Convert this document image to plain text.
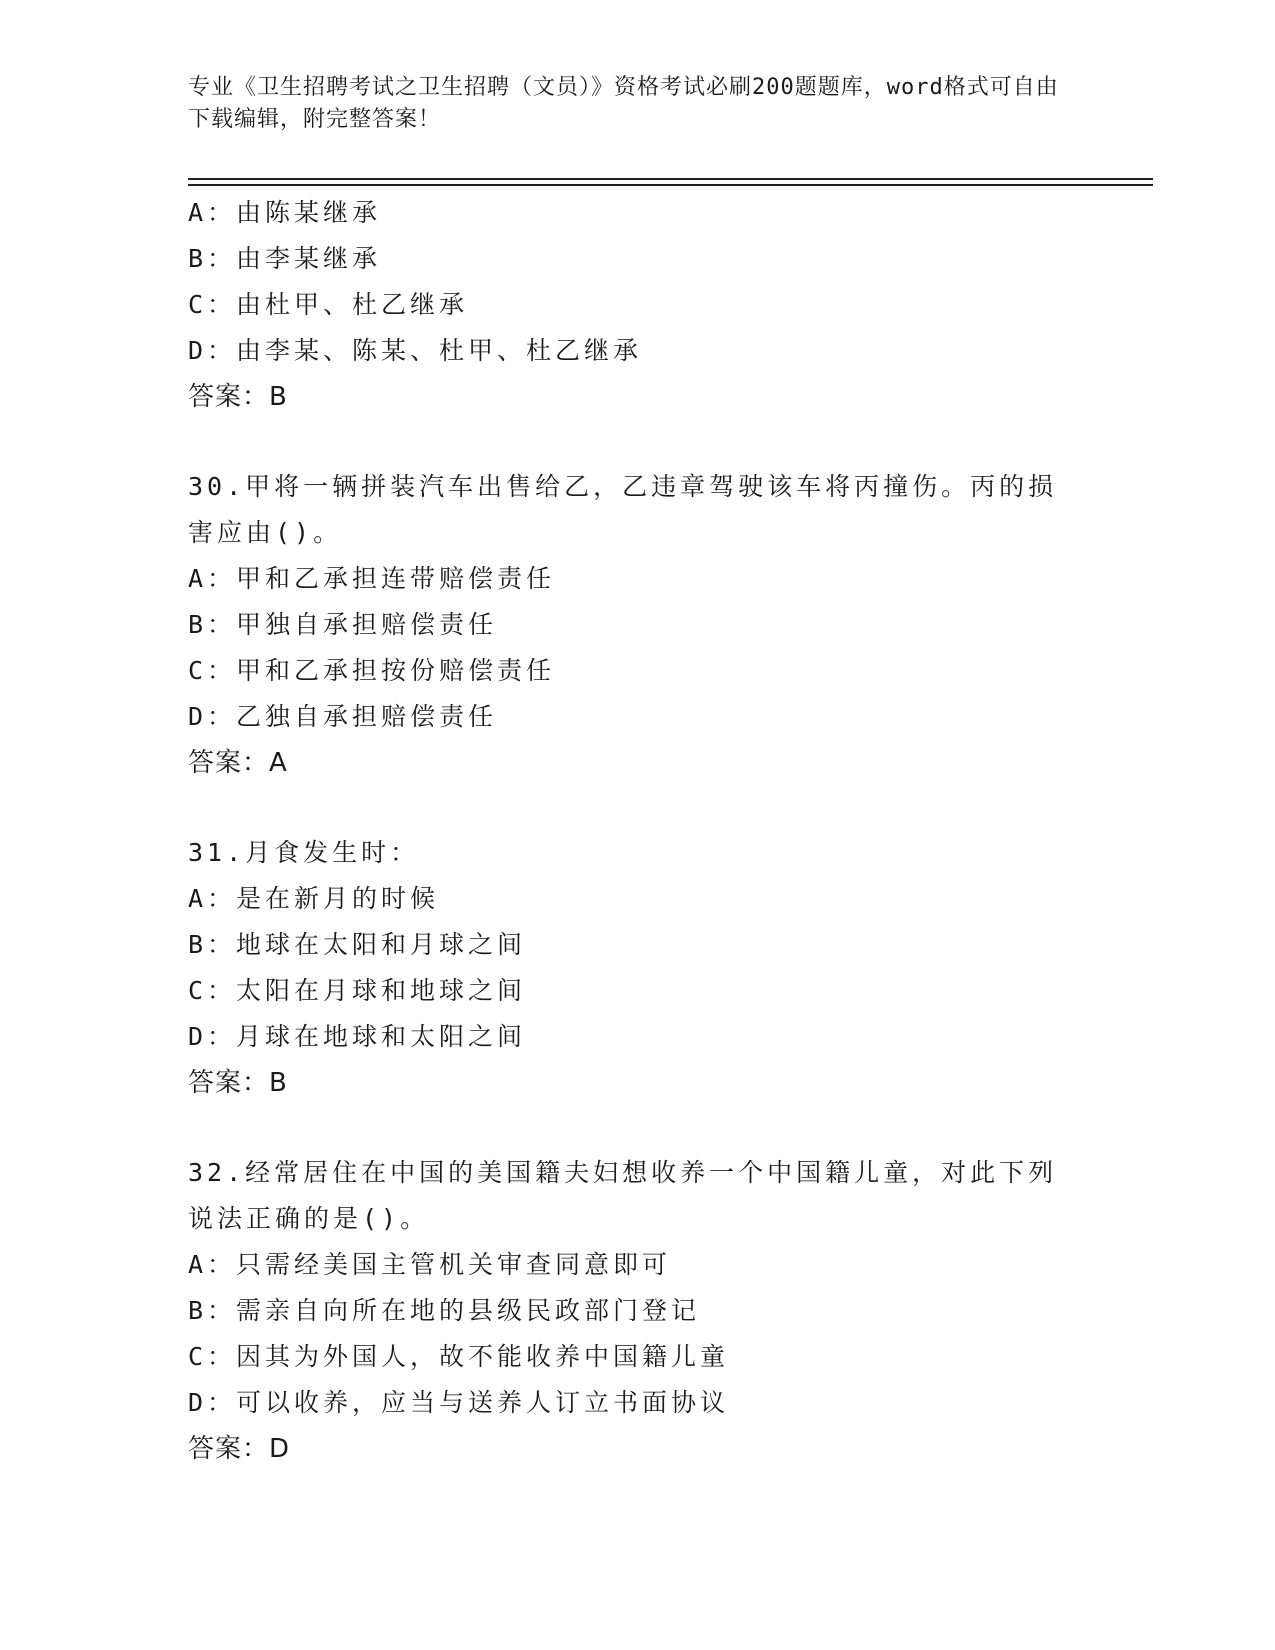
专业《卫生招聘考试之卫生招聘（文员）》资格考试必刷200题题库，word格式可自由下载编辑，附完整答案！
A：由陈某继承
B：由李某继承
C：由杜甲、杜乙继承
D：由李某、陈某、杜甲、杜乙继承
答案：B
30.甲将一辆拼装汽车出售给乙，乙违章驾驶该车将丙撞伤。丙的损害应由()。
A：甲和乙承担连带赔偿责任
B：甲独自承担赔偿责任
C：甲和乙承担按份赔偿责任
D：乙独自承担赔偿责任
答案：A
31.月食发生时：
A：是在新月的时候
B：地球在太阳和月球之间
C：太阳在月球和地球之间
D：月球在地球和太阳之间
答案：B
32.经常居住在中国的美国籍夫妇想收养一个中国籍儿童，对此下列说法正确的是()。
A：只需经美国主管机关审查同意即可
B：需亲自向所在地的县级民政部门登记
C：因其为外国人，故不能收养中国籍儿童
D：可以收养，应当与送养人订立书面协议
答案：D
